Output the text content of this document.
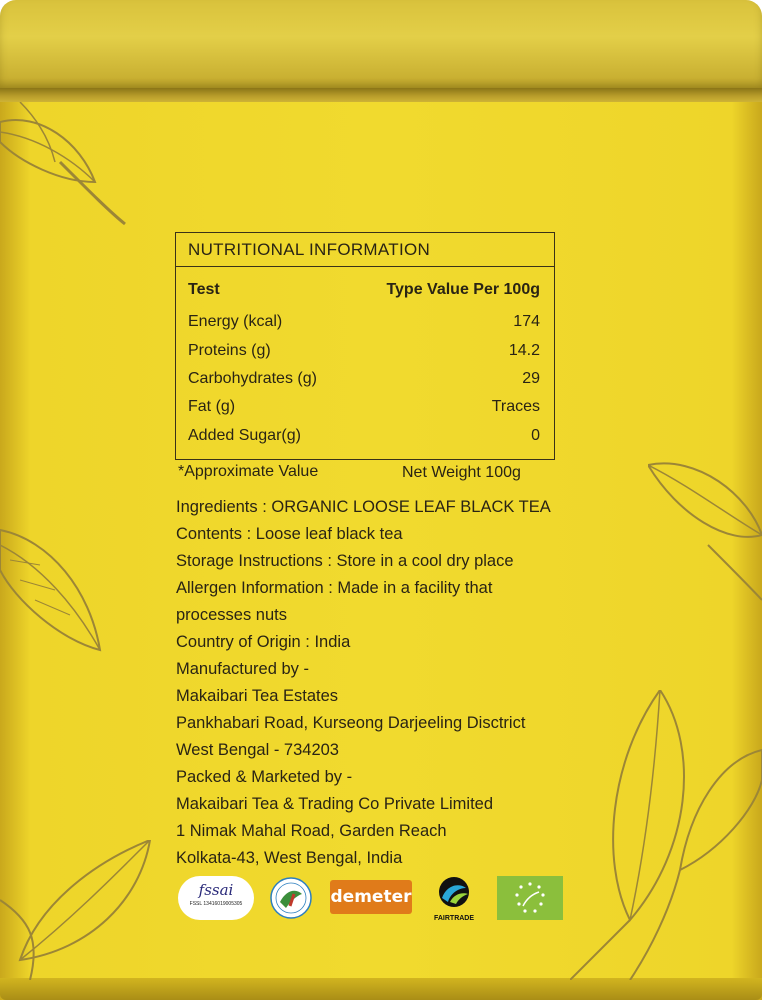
NUTRITIONAL INFORMATION
Test	Type Value Per 100g
Energy (kcal)	174
Proteins (g)	14.2
Carbohydrates (g)	29
Fat (g)	Traces
Added Sugar(g)	0
*Approximate Value	Net Weight 100g
Ingredients : ORGANIC LOOSE LEAF BLACK TEA
Contents : Loose leaf black tea
Storage Instructions : Store in a cool dry place
Allergen Information : Made in a facility that
processes nuts
Country of Origin : India
Manufactured by -
Makaibari Tea Estates
Pankhabari Road, Kurseong Darjeeling Disctrict
West Bengal - 734203
Packed & Marketed by -
Makaibari Tea & Trading Co Private Limited
1 Nimak Mahal Road, Garden Reach
Kolkata-43, West Bengal, India
fssai
FSSL 13416019005305	demeter
FAIRTRADE
